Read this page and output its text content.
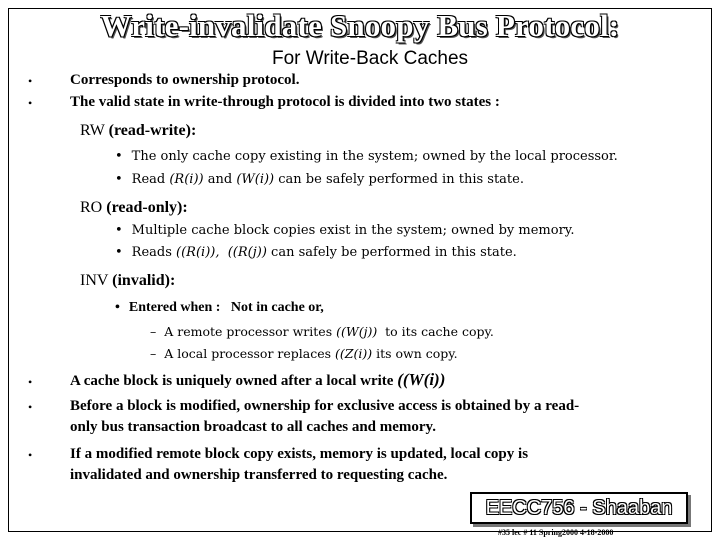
Write-invalidate Snoopy Bus Protocol:
For Write-Back Caches
•	Corresponds to ownership protocol.
•	The valid state in write-through protocol is divided into two states :
RW (read-write):
• The only cache copy existing in the system; owned by the local processor.
• Read (R(i)) and (W(i)) can be safely performed in this state.
RO (read-only):
• Multiple cache block copies exist in the system; owned by memory.
• Reads ((R(i)), ((R(j)) can safely be performed in this state.
INV (invalid):
• Entered when :   Not in cache or,
– A remote processor writes ((W(j))  to its cache copy.
– A local processor replaces ((Z(i)) its own copy.
•	A cache block is uniquely owned after a local write ((W(i))
•	Before a block is modified, ownership for exclusive access is obtained by a read-
only bus transaction broadcast to all caches and memory.
•	If a modified remote block copy exists, memory is updated, local copy is
invalidated and ownership transferred to requesting cache.
EECC756 - Shaaban
#35 lec # 11 Spring2000 4-18-2000
